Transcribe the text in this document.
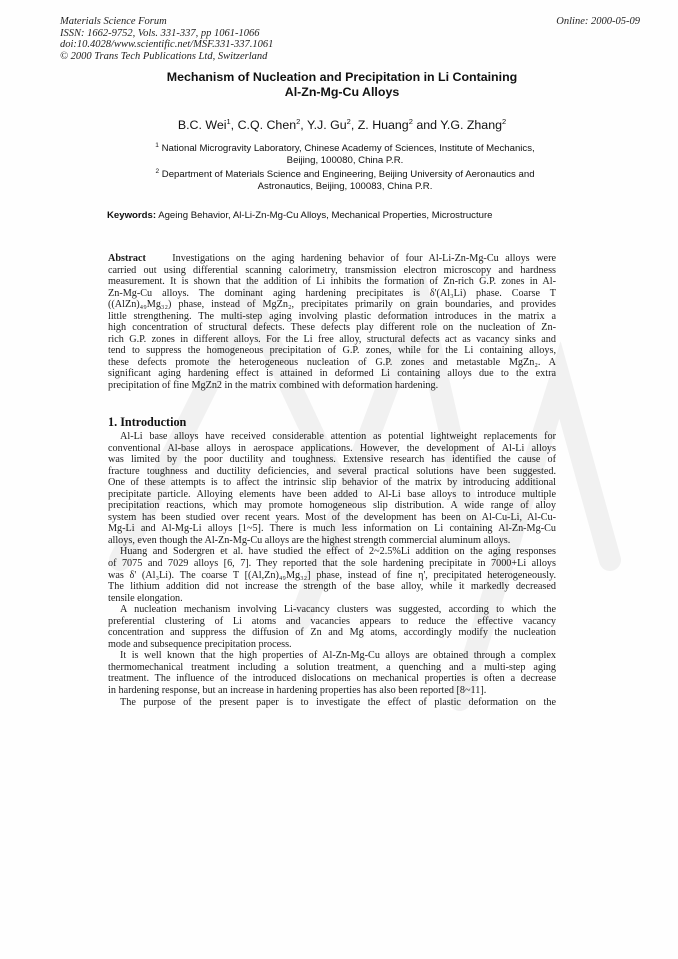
Materials Science Forum
ISSN: 1662-9752, Vols. 331-337, pp 1061-1066
doi:10.4028/www.scientific.net/MSF.331-337.1061
© 2000 Trans Tech Publications Ltd, Switzerland
Online: 2000-05-09
Mechanism of Nucleation and Precipitation in Li Containing
Al-Zn-Mg-Cu Alloys
B.C. Wei$^1$, C.Q. Chen$^2$, Y.J. Gu$^2$, Z. Huang$^2$ and Y.G. Zhang$^2$
$^1$ National Microgravity Laboratory, Chinese Academy of Sciences, Institute of Mechanics,
Beijing, 100080, China P.R.
$^2$ Department of Materials Science and Engineering, Beijing University of Aeronautics and
Astronautics, Beijing, 100083, China P.R.
Keywords: Ageing Behavior, Al-Li-Zn-Mg-Cu Alloys, Mechanical Properties, Microstructure
Abstract	Investigations on the aging hardening behavior of four Al-Li-Zn-Mg-Cu alloys were
carried out using differential scanning calorimetry, transmission electron microscopy and hardness
measurement. It is shown that the addition of Li inhibits the formation of Zn-rich G.P. zones in Al-
Zn-Mg-Cu alloys. The dominant aging hardening precipitates is δ'(Al₃Li) phase. Coarse T
((AlZn)₄₉Mg₃₂) phase, instead of MgZn₂, precipitates primarily on grain boundaries, and provides
little strengthening. The multi-step aging involving plastic deformation introduces in the matrix a
high concentration of structural defects. These defects play different role on the nucleation of Zn-
rich G.P. zones in different alloys. For the Li free alloy, structural defects act as vacancy sinks and
tend to suppress the homogeneous precipitation of G.P. zones, while for the Li containing alloys,
these defects promote the heterogeneous nucleation of G.P. zones and metastable MgZn₂. A
significant aging hardening effect is attained in deformed Li containing alloys due to the extra
precipitation of fine MgZn2 in the matrix combined with deformation hardening.
1. Introduction
Al-Li base alloys have received considerable attention as potential lightweight replacements for
conventional Al-base alloys in aerospace applications. However, the development of Al-Li alloys
was limited by the poor ductility and toughness. Extensive research has identified the cause of
fracture toughness and ductility deficiencies, and several practical solutions have been suggested.
One of these attempts is to affect the intrinsic slip behavior of the matrix by introducing additional
precipitate particle. Alloying elements have been added to Al-Li base alloys to introduce multiple
precipitation reactions, which may promote homogeneous slip distribution. A wide range of alloy
system has been studied over recent years. Most of the development has been on Al-Cu-Li, Al-Cu-
Mg-Li and Al-Mg-Li alloys [1~5]. There is much less information on Li containing Al-Zn-Mg-Cu
alloys, even though the Al-Zn-Mg-Cu alloys are the highest strength commercial aluminum alloys.
Huang and Sodergren et al. have studied the effect of 2~2.5%Li addition on the aging responses
of 7075 and 7029 alloys [6, 7]. They reported that the sole hardening precipitate in 7000+Li alloys
was δ' (Al₃Li). The coarse T [(Al,Zn)₄₉Mg₃₂] phase, instead of fine η', precipitated heterogeneously.
The lithium addition did not increase the strength of the base alloy, while it markedly decreased
tensile elongation.
A nucleation mechanism involving Li-vacancy clusters was suggested, according to which the
preferential clustering of Li atoms and vacancies appears to reduce the effective vacancy
concentration and suppress the diffusion of Zn and Mg atoms, accordingly modify the nucleation
mode and subsequence precipitation process.
It is well known that the high properties of Al-Zn-Mg-Cu alloys are obtained through a complex
thermomechanical treatment including a solution treatment, a quenching and a multi-step aging
treatment. The influence of the introduced dislocations on mechanical properties is often a decrease
in hardening response, but an increase in hardening properties has also been reported [8~11].
The purpose of the present paper is to investigate the effect of plastic deformation on the
